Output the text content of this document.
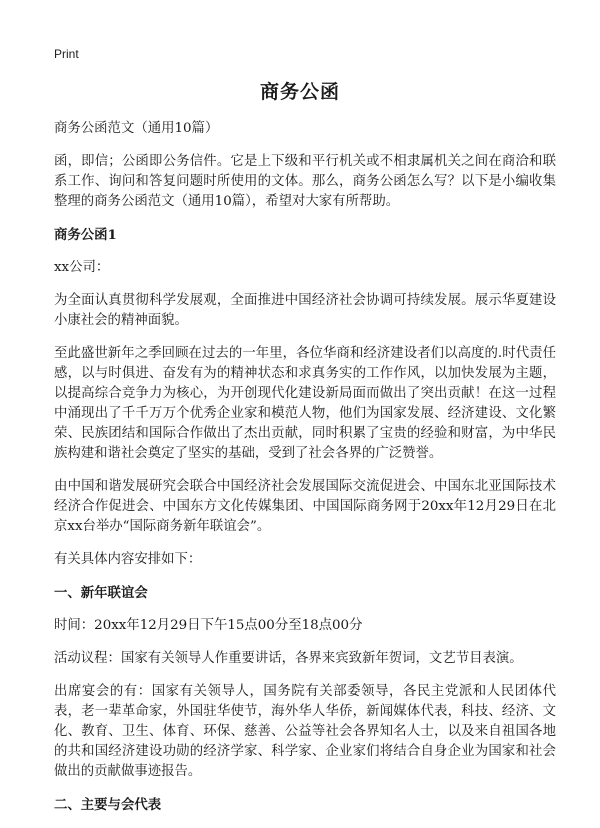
Print
商务公函

商务公函范文（通用10篇）

函，即信；公函即公务信件。它是上下级和平行机关或不相隶属机关之间在商洽和联系工作、询问和答复问题时所使用的文体。那么，商务公函怎么写？以下是小编收集整理的商务公函范文（通用10篇），希望对大家有所帮助。

商务公函1

xx公司：

为全面认真贯彻科学发展观，全面推进中国经济社会协调可持续发展。展示华夏建设小康社会的精神面貌。

至此盛世新年之季回顾在过去的一年里，各位华商和经济建设者们以高度的.时代责任感，以与时俱进、奋发有为的精神状态和求真务实的工作作风，以加快发展为主题，以提高综合竞争力为核心，为开创现代化建设新局面而做出了突出贡献！在这一过程中涌现出了千千万万个优秀企业家和模范人物，他们为国家发展、经济建设、文化繁荣、民族团结和国际合作做出了杰出贡献，同时积累了宝贵的经验和财富，为中华民族构建和谐社会奠定了坚实的基础，受到了社会各界的广泛赞誉。

由中国和谐发展研究会联合中国经济社会发展国际交流促进会、中国东北亚国际技术经济合作促进会、中国东方文化传媒集团、中国国际商务网于20xx年12月29日在北京xx台举办“国际商务新年联谊会”。

有关具体内容安排如下：

一、新年联谊会

时间：20xx年12月29日下午15点00分至18点00分

活动议程：国家有关领导人作重要讲话，各界来宾致新年贺词，文艺节目表演。

出席宴会的有：国家有关领导人，国务院有关部委领导，各民主党派和人民团体代表，老一辈革命家，外国驻华使节，海外华人华侨，新闻媒体代表，科技、经济、文化、教育、卫生、体育、环保、慈善、公益等社会各界知名人士，以及来自祖国各地的共和国经济建设功勋的经济学家、科学家、企业家们将结合自身企业为国家和社会做出的贡献做事迹报告。

二、主要与会代表
